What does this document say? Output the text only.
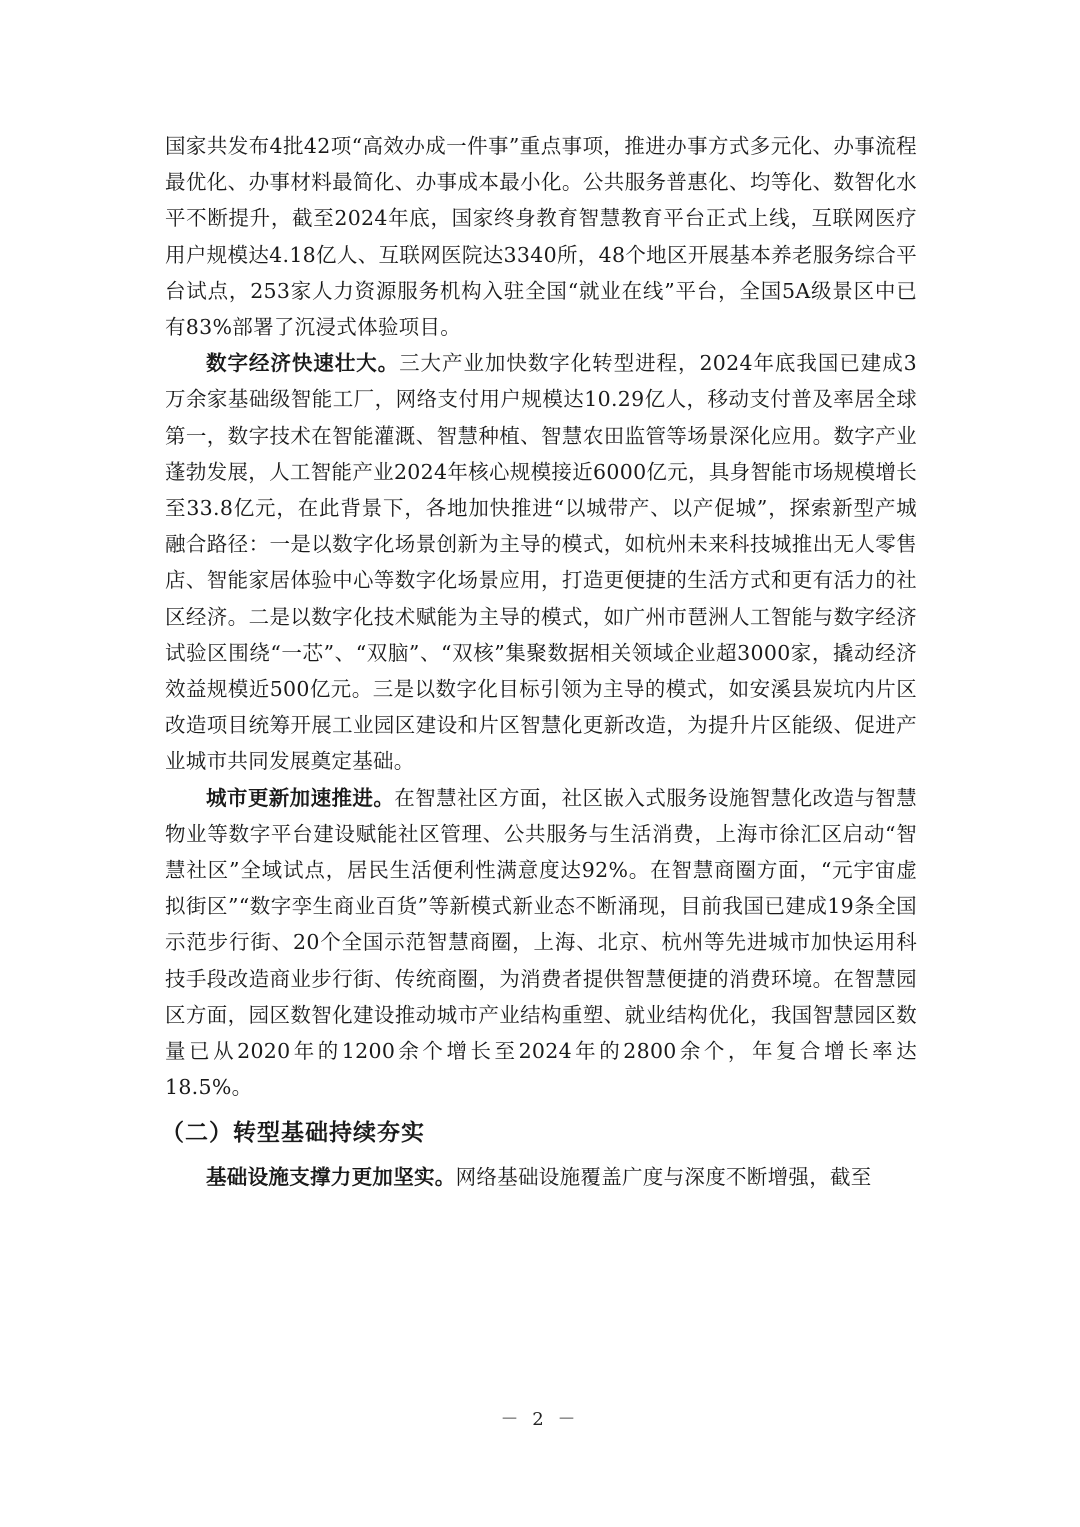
国家共发布4批42项“高效办成一件事”重点事项，推进办事方式多元化、办事流程最优化、办事材料最简化、办事成本最小化。公共服务普惠化、均等化、数智化水平不断提升，截至2024年底，国家终身教育智慧教育平台正式上线，互联网医疗用户规模达4.18亿人、互联网医院达3340所，48个地区开展基本养老服务综合平台试点，253家人力资源服务机构入驻全国“就业在线”平台，全国5A级景区中已有83%部署了沉浸式体验项目。

数字经济快速壮大。三大产业加快数字化转型进程，2024年底我国已建成3万余家基础级智能工厂，网络支付用户规模达10.29亿人，移动支付普及率居全球第一，数字技术在智能灌溉、智慧种植、智慧农田监管等场景深化应用。数字产业蓬勃发展，人工智能产业2024年核心规模接近6000亿元，具身智能市场规模增长至33.8亿元，在此背景下，各地加快推进“以城带产、以产促城”，探索新型产城融合路径：一是以数字化场景创新为主导的模式，如杭州未来科技城推出无人零售店、智能家居体验中心等数字化场景应用，打造更便捷的生活方式和更有活力的社区经济。二是以数字化技术赋能为主导的模式，如广州市琶洲人工智能与数字经济试验区围绕“一芯”、“双脑”、“双核”集聚数据相关领域企业超3000家，撬动经济效益规模近500亿元。三是以数字化目标引领为主导的模式，如安溪县炭坑内片区改造项目统筹开展工业园区建设和片区智慧化更新改造，为提升片区能级、促进产业城市共同发展奠定基础。

城市更新加速推进。在智慧社区方面，社区嵌入式服务设施智慧化改造与智慧物业等数字平台建设赋能社区管理、公共服务与生活消费，上海市徐汇区启动“智慧社区”全域试点，居民生活便利性满意度达92%。在智慧商圈方面，“元宇宙虚拟街区”“数字孪生商业百货”等新模式新业态不断涌现，目前我国已建成19条全国示范步行街、20个全国示范智慧商圈，上海、北京、杭州等先进城市加快运用科技手段改造商业步行街、传统商圈，为消费者提供智慧便捷的消费环境。在智慧园区方面，园区数智化建设推动城市产业结构重塑、就业结构优化，我国智慧园区数量已从2020年的1200余个增长至2024年的2800余个，年复合增长率达18.5%。

（二）转型基础持续夯实

基础设施支撑力更加坚实。网络基础设施覆盖广度与深度不断增强，截至

－ 2 －
